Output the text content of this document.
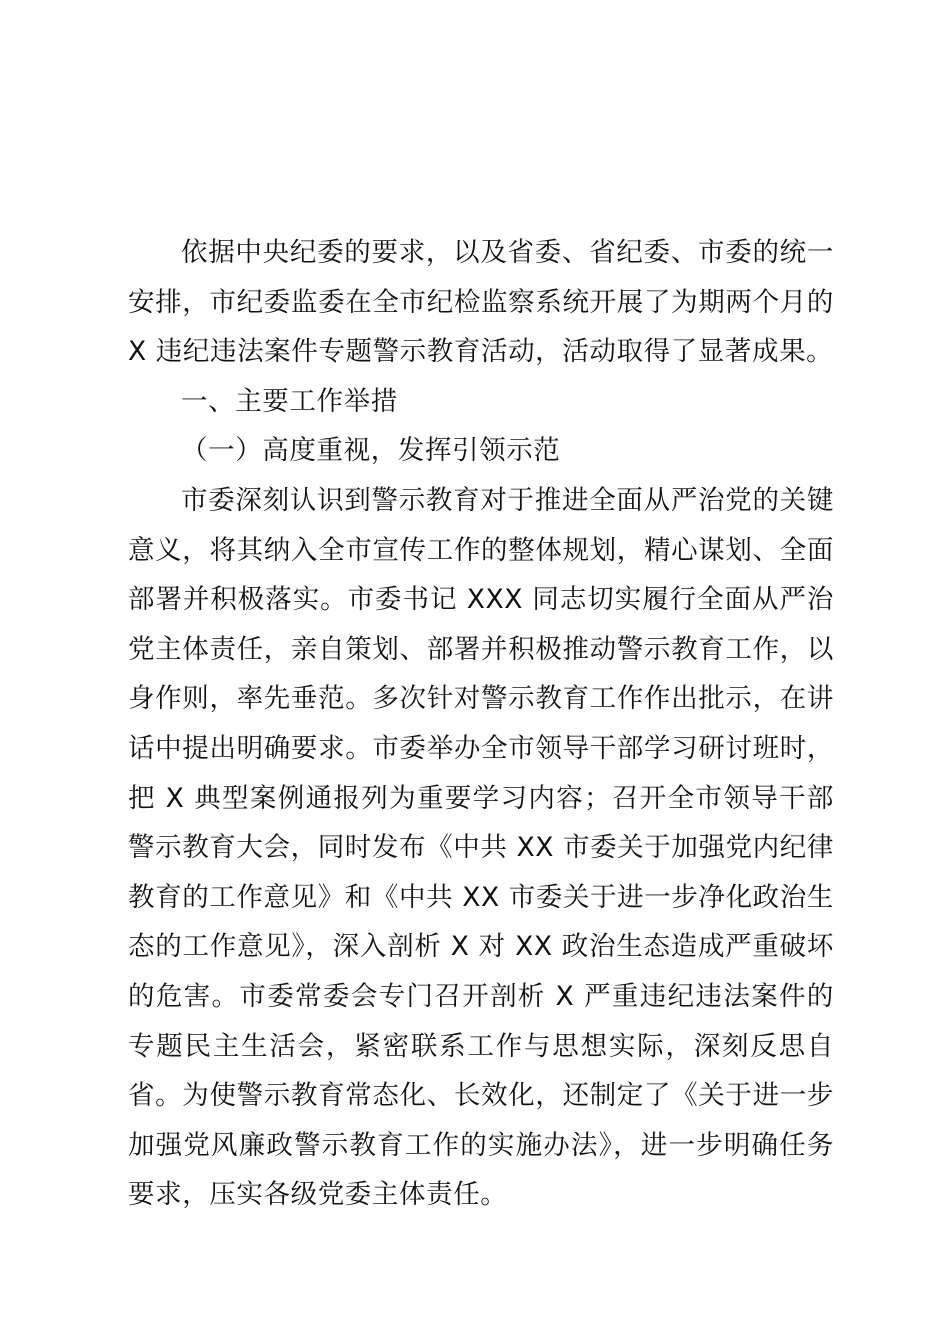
依据中央纪委的要求，以及省委、省纪委、市委的统一安排，市纪委监委在全市纪检监察系统开展了为期两个月的 X 违纪违法案件专题警示教育活动，活动取得了显著成果。

一、主要工作举措

（一）高度重视，发挥引领示范

市委深刻认识到警示教育对于推进全面从严治党的关键意义，将其纳入全市宣传工作的整体规划，精心谋划、全面部署并积极落实。市委书记 XXX 同志切实履行全面从严治党主体责任，亲自策划、部署并积极推动警示教育工作，以身作则，率先垂范。多次针对警示教育工作作出批示，在讲话中提出明确要求。市委举办全市领导干部学习研讨班时，把 X 典型案例通报列为重要学习内容；召开全市领导干部警示教育大会，同时发布《中共 XX 市委关于加强党内纪律教育的工作意见》和《中共 XX 市委关于进一步净化政治生态的工作意见》，深入剖析 X 对 XX 政治生态造成严重破坏的危害。市委常委会专门召开剖析 X 严重违纪违法案件的专题民主生活会，紧密联系工作与思想实际，深刻反思自省。为使警示教育常态化、长效化，还制定了《关于进一步加强党风廉政警示教育工作的实施办法》，进一步明确任务要求，压实各级党委主体责任。
